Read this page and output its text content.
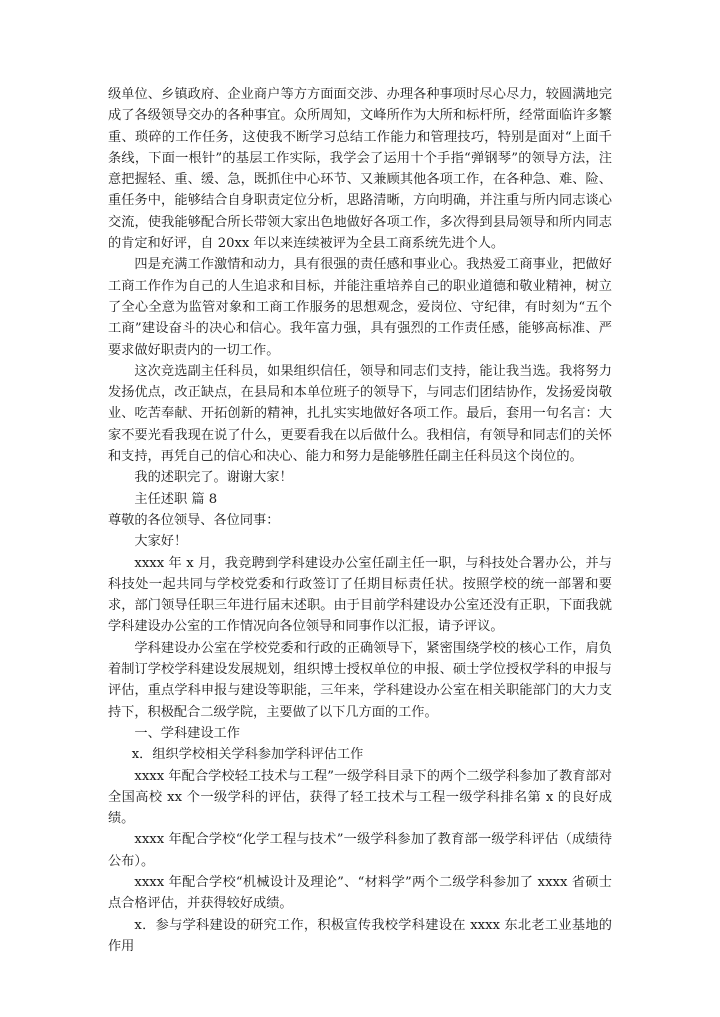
级单位、乡镇政府、企业商户等方方面面交涉、办理各种事项时尽心尽力，较圆满地完成了各级领导交办的各种事宜。众所周知，文峰所作为大所和标杆所，经常面临许多繁重、琐碎的工作任务，这使我不断学习总结工作能力和管理技巧，特别是面对“上面千条线，下面一根针”的基层工作实际，我学会了运用十个手指“弹钢琴”的领导方法，注意把握轻、重、缓、急，既抓住中心环节、又兼顾其他各项工作，在各种急、难、险、重任务中，能够结合自身职责定位分析，思路清晰，方向明确，并注重与所内同志谈心交流，使我能够配合所长带领大家出色地做好各项工作，多次得到县局领导和所内同志的肯定和好评，自 20xx 年以来连续被评为全县工商系统先进个人。

四是充满工作激情和动力，具有很强的责任感和事业心。我热爱工商事业，把做好工商工作作为自己的人生追求和目标，并能注重培养自己的职业道德和敬业精神，树立了全心全意为监管对象和工商工作服务的思想观念，爱岗位、守纪律，有时刻为“五个工商”建设奋斗的决心和信心。我年富力强，具有强烈的工作责任感，能够高标准、严要求做好职责内的一切工作。

这次竞选副主任科员，如果组织信任，领导和同志们支持，能让我当选。我将努力发扬优点，改正缺点，在县局和本单位班子的领导下，与同志们团结协作，发扬爱岗敬业、吃苦奉献、开拓创新的精神，扎扎实实地做好各项工作。最后，套用一句名言：大家不要光看我现在说了什么，更要看我在以后做什么。我相信，有领导和同志们的关怀和支持，再凭自己的信心和决心、能力和努力是能够胜任副主任科员这个岗位的。

我的述职完了。谢谢大家！

主任述职 篇 8

尊敬的各位领导、各位同事：

大家好！

xxxx 年 x 月，我竞聘到学科建设办公室任副主任一职，与科技处合署办公，并与科技处一起共同与学校党委和行政签订了任期目标责任状。按照学校的统一部署和要求，部门领导任职三年进行届末述职。由于目前学科建设办公室还没有正职，下面我就学科建设办公室的工作情况向各位领导和同事作以汇报，请予评议。

学科建设办公室在学校党委和行政的正确领导下，紧密围绕学校的核心工作，肩负着制订学校学科建设发展规划，组织博士授权单位的申报、硕士学位授权学科的申报与评估，重点学科申报与建设等职能，三年来，学科建设办公室在相关职能部门的大力支持下，积极配合二级学院，主要做了以下几方面的工作。

一、学科建设工作

x．组织学校相关学科参加学科评估工作

xxxx 年配合学校轻工技术与工程”一级学科目录下的两个二级学科参加了教育部对全国高校 xx 个一级学科的评估，获得了轻工技术与工程一级学科排名第 x 的良好成绩。

xxxx 年配合学校“化学工程与技术”一级学科参加了教育部一级学科评估（成绩待公布）。

xxxx 年配合学校“机械设计及理论”、“材料学”两个二级学科参加了 xxxx 省硕士点合格评估，并获得较好成绩。

x．参与学科建设的研究工作，积极宣传我校学科建设在 xxxx 东北老工业基地的作用
